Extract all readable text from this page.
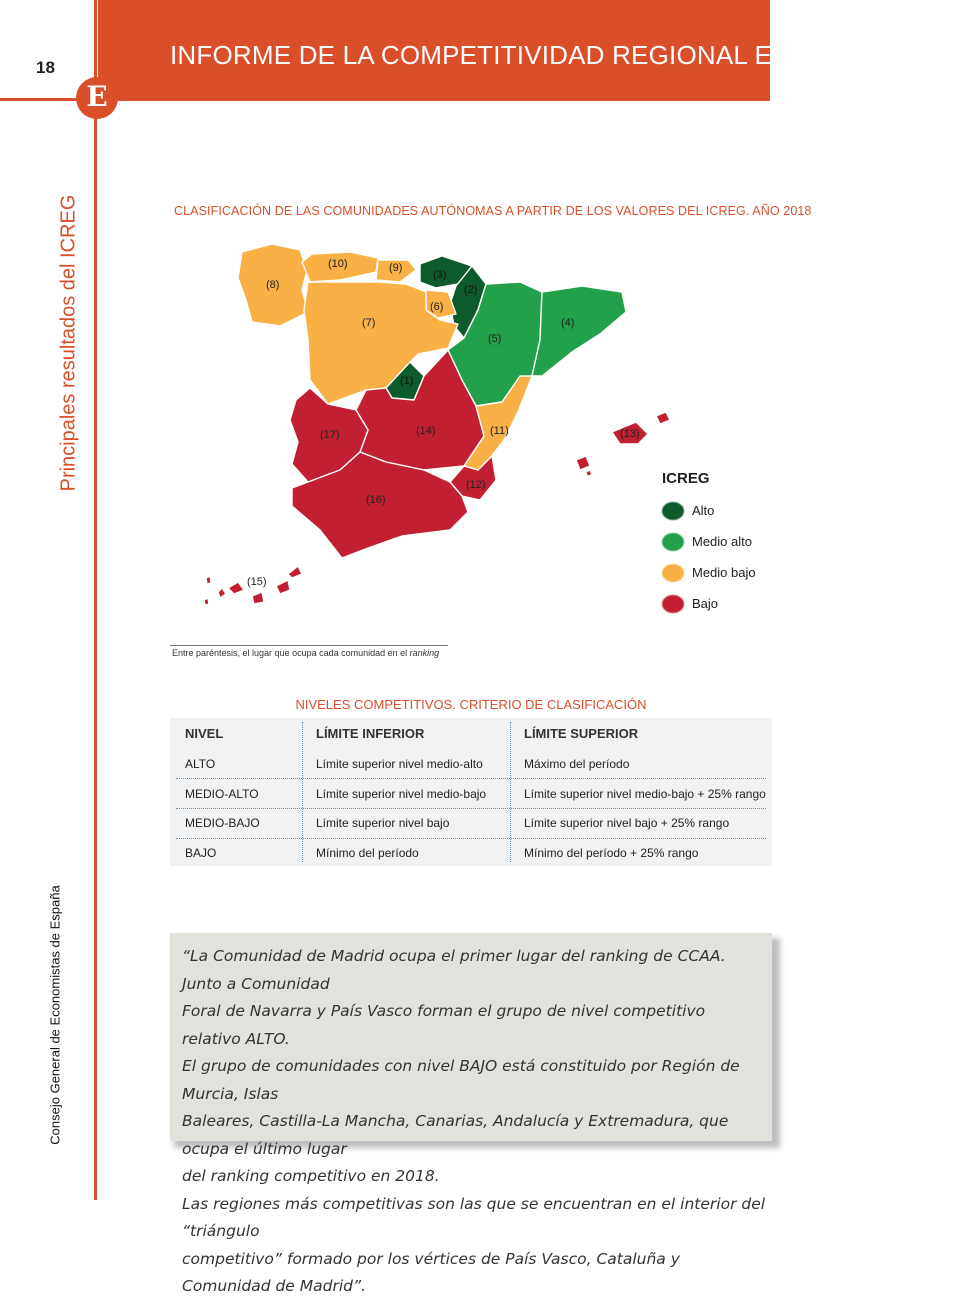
INFORME DE LA COMPETITIVIDAD REGIONAL EN ESPAÑA 2019
18
E
Principales resultados del ICREG
Consejo General de Economistas de España
CLASIFICACIÓN DE LAS COMUNIDADES AUTÓNOMAS A PARTIR DE LOS VALORES DEL ICREG. AÑO 2018
(8)
(10)	(9)
(3)
(2)
(6)
(7)
(5)
(4)
(1)
(14)	(11)
(12)
(17)
(16)
(13)
(15)
ICREG
Alto
Medio alto
Medio bajo
Bajo
Entre paréntesis, el lugar que ocupa cada comunidad en el ranking
NIVELES COMPETITIVOS. CRITERIO DE CLASIFICACIÓN
NIVEL	LÍMITE INFERIOR	LÍMITE SUPERIOR
ALTO	Límite superior nivel medio-alto	Máximo del período
MEDIO-ALTO	Límite superior nivel medio-bajo	Límite superior nivel medio-bajo + 25% rango
MEDIO-BAJO	Límite superior nivel bajo	Límite superior nivel bajo + 25% rango
BAJO	Mínimo del período	Mínimo del período + 25% rango

“La Comunidad de Madrid ocupa el primer lugar del ranking de CCAA. Junto a Comunidad

Foral de Navarra y País Vasco forman el grupo de nivel competitivo relativo ALTO.

El grupo de comunidades con nivel BAJO está constituido por Región de Murcia, Islas

Baleares, Castilla-La Mancha, Canarias, Andalucía y Extremadura, que ocupa el último lugar

del ranking competitivo en 2018.

Las regiones más competitivas son las que se encuentran en el interior del “triángulo

competitivo” formado por los vértices de País Vasco, Cataluña y Comunidad de Madrid”.
